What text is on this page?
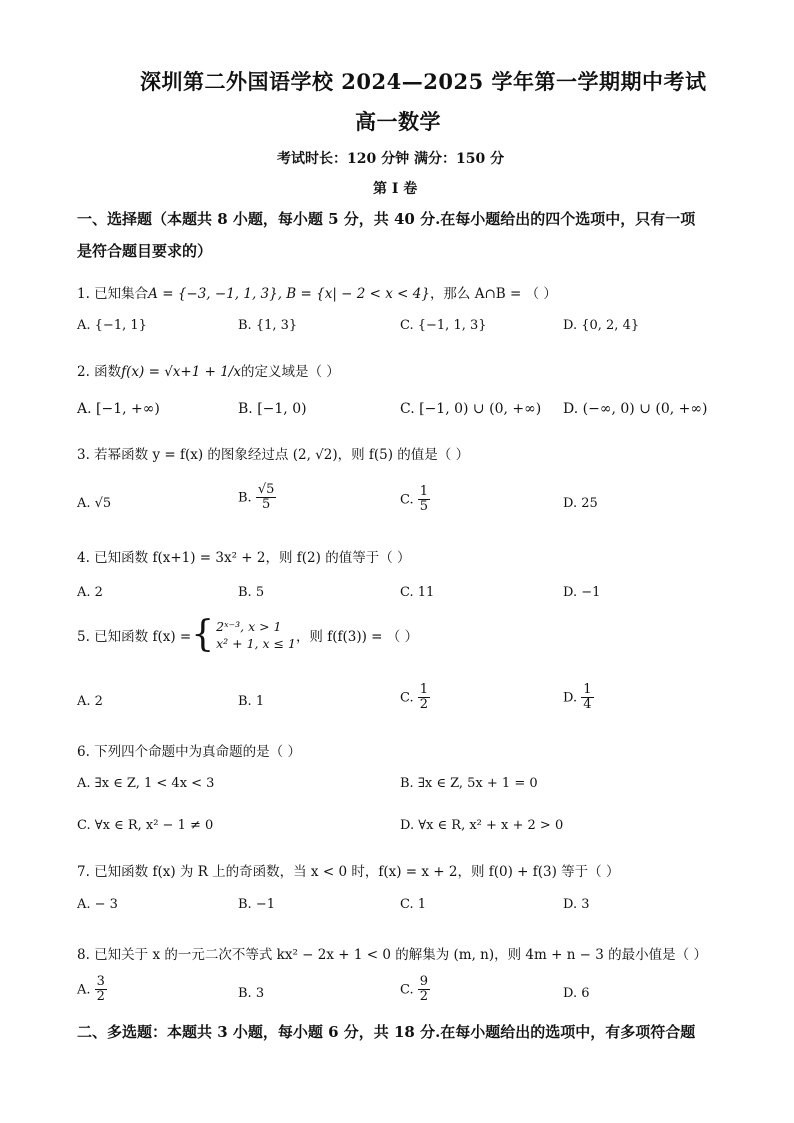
深圳第二外国语学校 2024—2025 学年第一学期期中考试
高一数学
考试时长：120 分钟 满分：150 分
第 I 卷
一、选择题（本题共 8 小题，每小题 5 分，共 40 分.在每小题给出的四个选项中，只有一项
是符合题目要求的）
1. 已知集合A = {−3, −1, 1, 3}, B = {x| − 2 < x < 4}，那么 A∩B = （ ）
A. {−1, 1}	B. {1, 3}	C. {−1, 1, 3}	D. {0, 2, 4}
2. 函数f(x) = √x+1 + 1/x的定义域是（ ）
A. [−1, +∞)	B. [−1, 0)	C. [−1, 0) ∪ (0, +∞) D. (−∞, 0) ∪ (0, +∞)
3. 若幂函数 y = f(x) 的图象经过点 (2, √2)，则 f(5) 的值是（ ）
A. √5	B. $\frac{√5}{5}$	C. $\frac{1}{5}$	D. 25
4. 已知函数 f(x+1) = 3x² + 2，则 f(2) 的值等于（ ）
A. 2	B. 5	C. 11	D. −1
5. 已知函数 f(x) = { 2ˣ⁻³, x > 1
x² + 1, x ≤ 1 ，则 f(f(3)) = （ ）
A. 2	B. 1	C. $\frac{1}{2}$	D. $\frac{1}{4}$
6. 下列四个命题中为真命题的是（ ）
A. ∃x ∈ Z, 1 < 4x < 3	B. ∃x ∈ Z, 5x + 1 = 0
C. ∀x ∈ R, x² − 1 ≠ 0	D. ∀x ∈ R, x² + x + 2 > 0
7. 已知函数 f(x) 为 R 上的奇函数，当 x < 0 时，f(x) = x + 2，则 f(0) + f(3) 等于（ ）
A. − 3	B. −1	C. 1	D. 3
8. 已知关于 x 的一元二次不等式 kx² − 2x + 1 < 0 的解集为 (m, n)，则 4m + n − 3 的最小值是（ ）
A. $\frac{3}{2}$	B. 3	C. $\frac{9}{2}$	D. 6
二、多选题：本题共 3 小题，每小题 6 分，共 18 分.在每小题给出的选项中，有多项符合题
